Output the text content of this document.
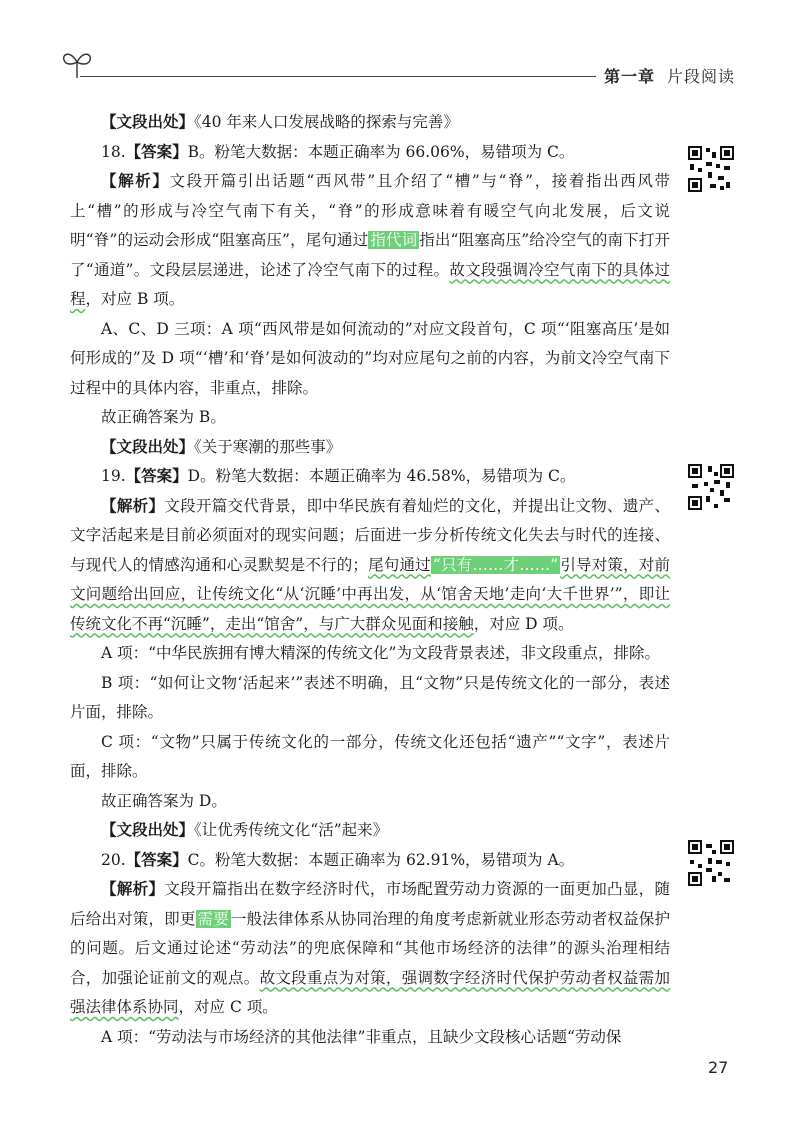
第一章 片段阅读

【文段出处】《40 年来人口发展战略的探索与完善》

18.【答案】B。粉笔大数据：本题正确率为 66.06%，易错项为 C。

【解析】文段开篇引出话题“西风带”且介绍了“槽”与“脊”，接着指出西风带上“槽”的形成与冷空气南下有关，“脊”的形成意味着有暖空气向北发展，后文说明“脊”的运动会形成“阻塞高压”，尾句通过 指代词 指出“阻塞高压”给冷空气的南下打开了“通道”。文段层层递进，论述了冷空气南下的过程。故文段强调冷空气南下的具体过程，对应 B 项。

A、C、D 三项：A 项“西风带是如何流动的”对应文段首句，C 项“‘阻塞高压’是如何形成的”及 D 项“‘槽’和‘脊’是如何波动的”均对应尾句之前的内容，为前文冷空气南下过程中的具体内容，非重点，排除。

故正确答案为 B。

【文段出处】《关于寒潮的那些事》

19.【答案】D。粉笔大数据：本题正确率为 46.58%，易错项为 C。

【解析】文段开篇交代背景，即中华民族有着灿烂的文化，并提出让文物、遗产、文字活起来是目前必须面对的现实问题；后面进一步分析传统文化失去与时代的连接、与现代人的情感沟通和心灵默契是不行的；尾句通过 “只有……才……” 引导对策，对前文问题给出回应，让传统文化“从‘沉睡’中再出发，从‘馆舍天地’走向‘大千世界’”，即让传统文化不再“沉睡”，走出“馆舍”，与广大群众见面和接触，对应 D 项。

A 项：“中华民族拥有博大精深的传统文化”为文段背景表述，非文段重点，排除。

B 项：“如何让文物‘活起来’”表述不明确，且“文物”只是传统文化的一部分，表述片面，排除。

C 项：“文物”只属于传统文化的一部分，传统文化还包括“遗产”“文字”，表述片面，排除。

故正确答案为 D。

【文段出处】《让优秀传统文化“活”起来》

20.【答案】C。粉笔大数据：本题正确率为 62.91%，易错项为 A。

【解析】文段开篇指出在数字经济时代，市场配置劳动力资源的一面更加凸显，随后给出对策，即更 需要 一般法律体系从协同治理的角度考虑新就业形态劳动者权益保护的问题。后文通过论述“劳动法”的兜底保障和“其他市场经济的法律”的源头治理相结合，加强论证前文的观点。故文段重点为对策，强调数字经济时代保护劳动者权益需加强法律体系协同，对应 C 项。

A 项：“劳动法与市场经济的其他法律”非重点，且缺少文段核心话题“劳动保

27
